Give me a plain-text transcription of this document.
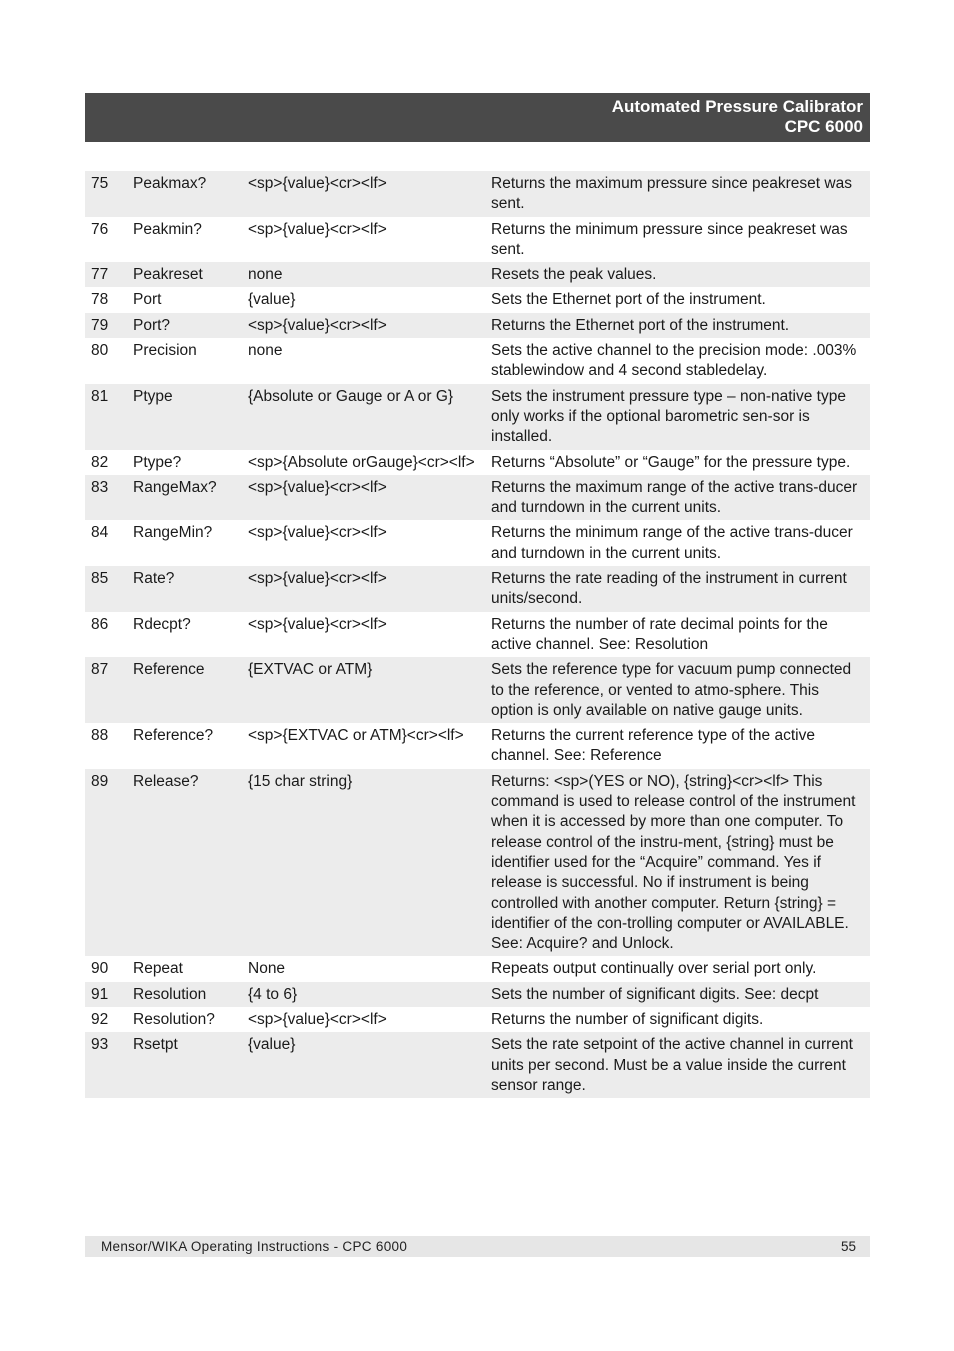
Automated Pressure Calibrator
CPC 6000
75	Peakmax?	<sp>{value}<cr><lf>	Returns the maximum pressure since peakreset was sent.
76	Peakmin?	<sp>{value}<cr><lf>	Returns the minimum pressure since peakreset was sent.
77	Peakreset	none	Resets the peak values.
78	Port	{value}	Sets the Ethernet port of the instrument.
79	Port?	<sp>{value}<cr><lf>	Returns the Ethernet port of the instrument.
80	Precision	none	Sets the active channel to the precision mode: .003% stablewindow and 4 second stabledelay.
81	Ptype	{Absolute or Gauge or A or G}	Sets the instrument pressure type – non-native type only works if the optional barometric sen-sor is installed.
82	Ptype?	<sp>{Absolute orGauge}<cr><lf>	Returns “Absolute” or “Gauge” for the pressure type.
83	RangeMax?	<sp>{value}<cr><lf>	Returns the maximum range of the active trans-ducer and turndown in the current units.
84	RangeMin?	<sp>{value}<cr><lf>	Returns the minimum range of the active trans-ducer and turndown in the current units.
85	Rate?	<sp>{value}<cr><lf>	Returns the rate reading of the instrument in current units/second.
86	Rdecpt?	<sp>{value}<cr><lf>	Returns the number of rate decimal points for the active channel. See: Resolution
87	Reference	{EXTVAC or ATM}	Sets the reference type for vacuum pump connected to the reference, or vented to atmo-sphere. This option is only available on native gauge units.
88	Reference?	<sp>{EXTVAC or ATM}<cr><lf>	Returns the current reference type of the active channel. See: Reference
89	Release?	{15 char string}	Returns: <sp>(YES or NO), {string}<cr><lf> This command is used to release control of the instrument when it is accessed by more than one computer. To release control of the instru-ment, {string} must be identifier used for the “Acquire” command. Yes if release is successful. No if instrument is being controlled with another computer. Return {string} = identifier of the con-trolling computer or AVAILABLE. See: Acquire? and Unlock.
90	Repeat	None	Repeats output continually over serial port only.
91	Resolution	{4 to 6}	Sets the number of significant digits. See: decpt
92	Resolution?	<sp>{value}<cr><lf>	Returns the number of significant digits.
93	Rsetpt	{value}	Sets the rate setpoint of the active channel in current units per second. Must be a value inside the current sensor range.
Mensor/WIKA Operating Instructions - CPC 6000	55
